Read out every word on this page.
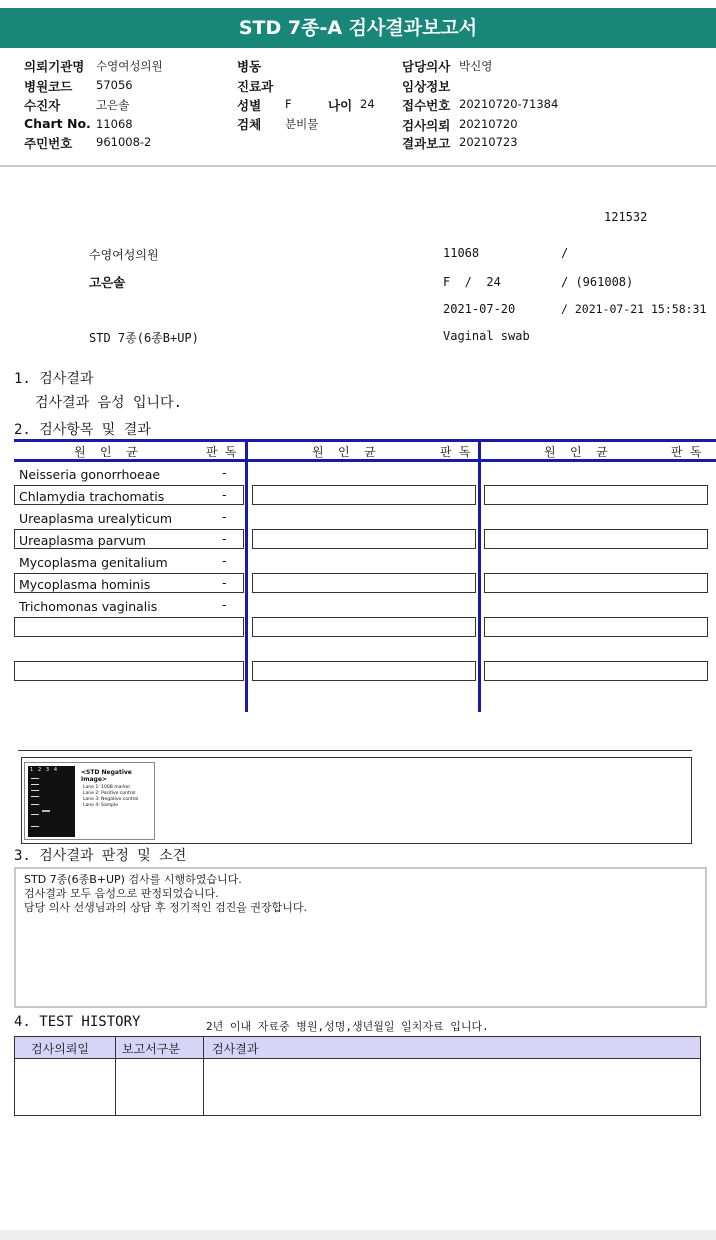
STD 7종-A 검사결과보고서
의뢰기관명 수영여성의원
병원코드 57056
수진자	고은솔
Chart No. 11068
주민번호 961008-2
병동
진료과
성별 F	나이 24
검체 분비물
담당의사 박신영
임상정보
접수번호 20210720-71384
검사의뢰 20210720
결과보고 20210723
121532
수영여성의원	11068	/
고은솔	F  /  24	/ (961008)
2021-07-20	/ 2021-07-21 15:58:31
STD 7종(6종B+UP)	Vaginal swab
1. 검사결과
검사결과 음성 입니다.
2. 검사항목 및 결과
원  인  균	판 독	원  인  균	판 독	원  인  균	판 독
Neisseria gonorrhoeae	-
Chlamydia trachomatis	-
Ureaplasma urealyticum	-
Ureaplasma parvum	-
Mycoplasma genitalium	-
Mycoplasma hominis	-
Trichomonas vaginalis	-
1   2   3   4	<STD Negative Image>
Lane 1: 100B marker
Lane 2: Positive control
Lane 3: Negative control
Lane 4: Sample
3. 검사결과 판정 및 소견
STD 7종(6종B+UP) 검사를 시행하였습니다.
검사결과 모두 음성으로 판정되었습니다.
담당 의사 선생님과의 상담 후 정기적인 검진을 권장합니다.
4. TEST HISTORY	2년 이내 자료중 병원,성명,생년월일 일치자료 입니다.
검사의뢰일	보고서구분	검사결과
